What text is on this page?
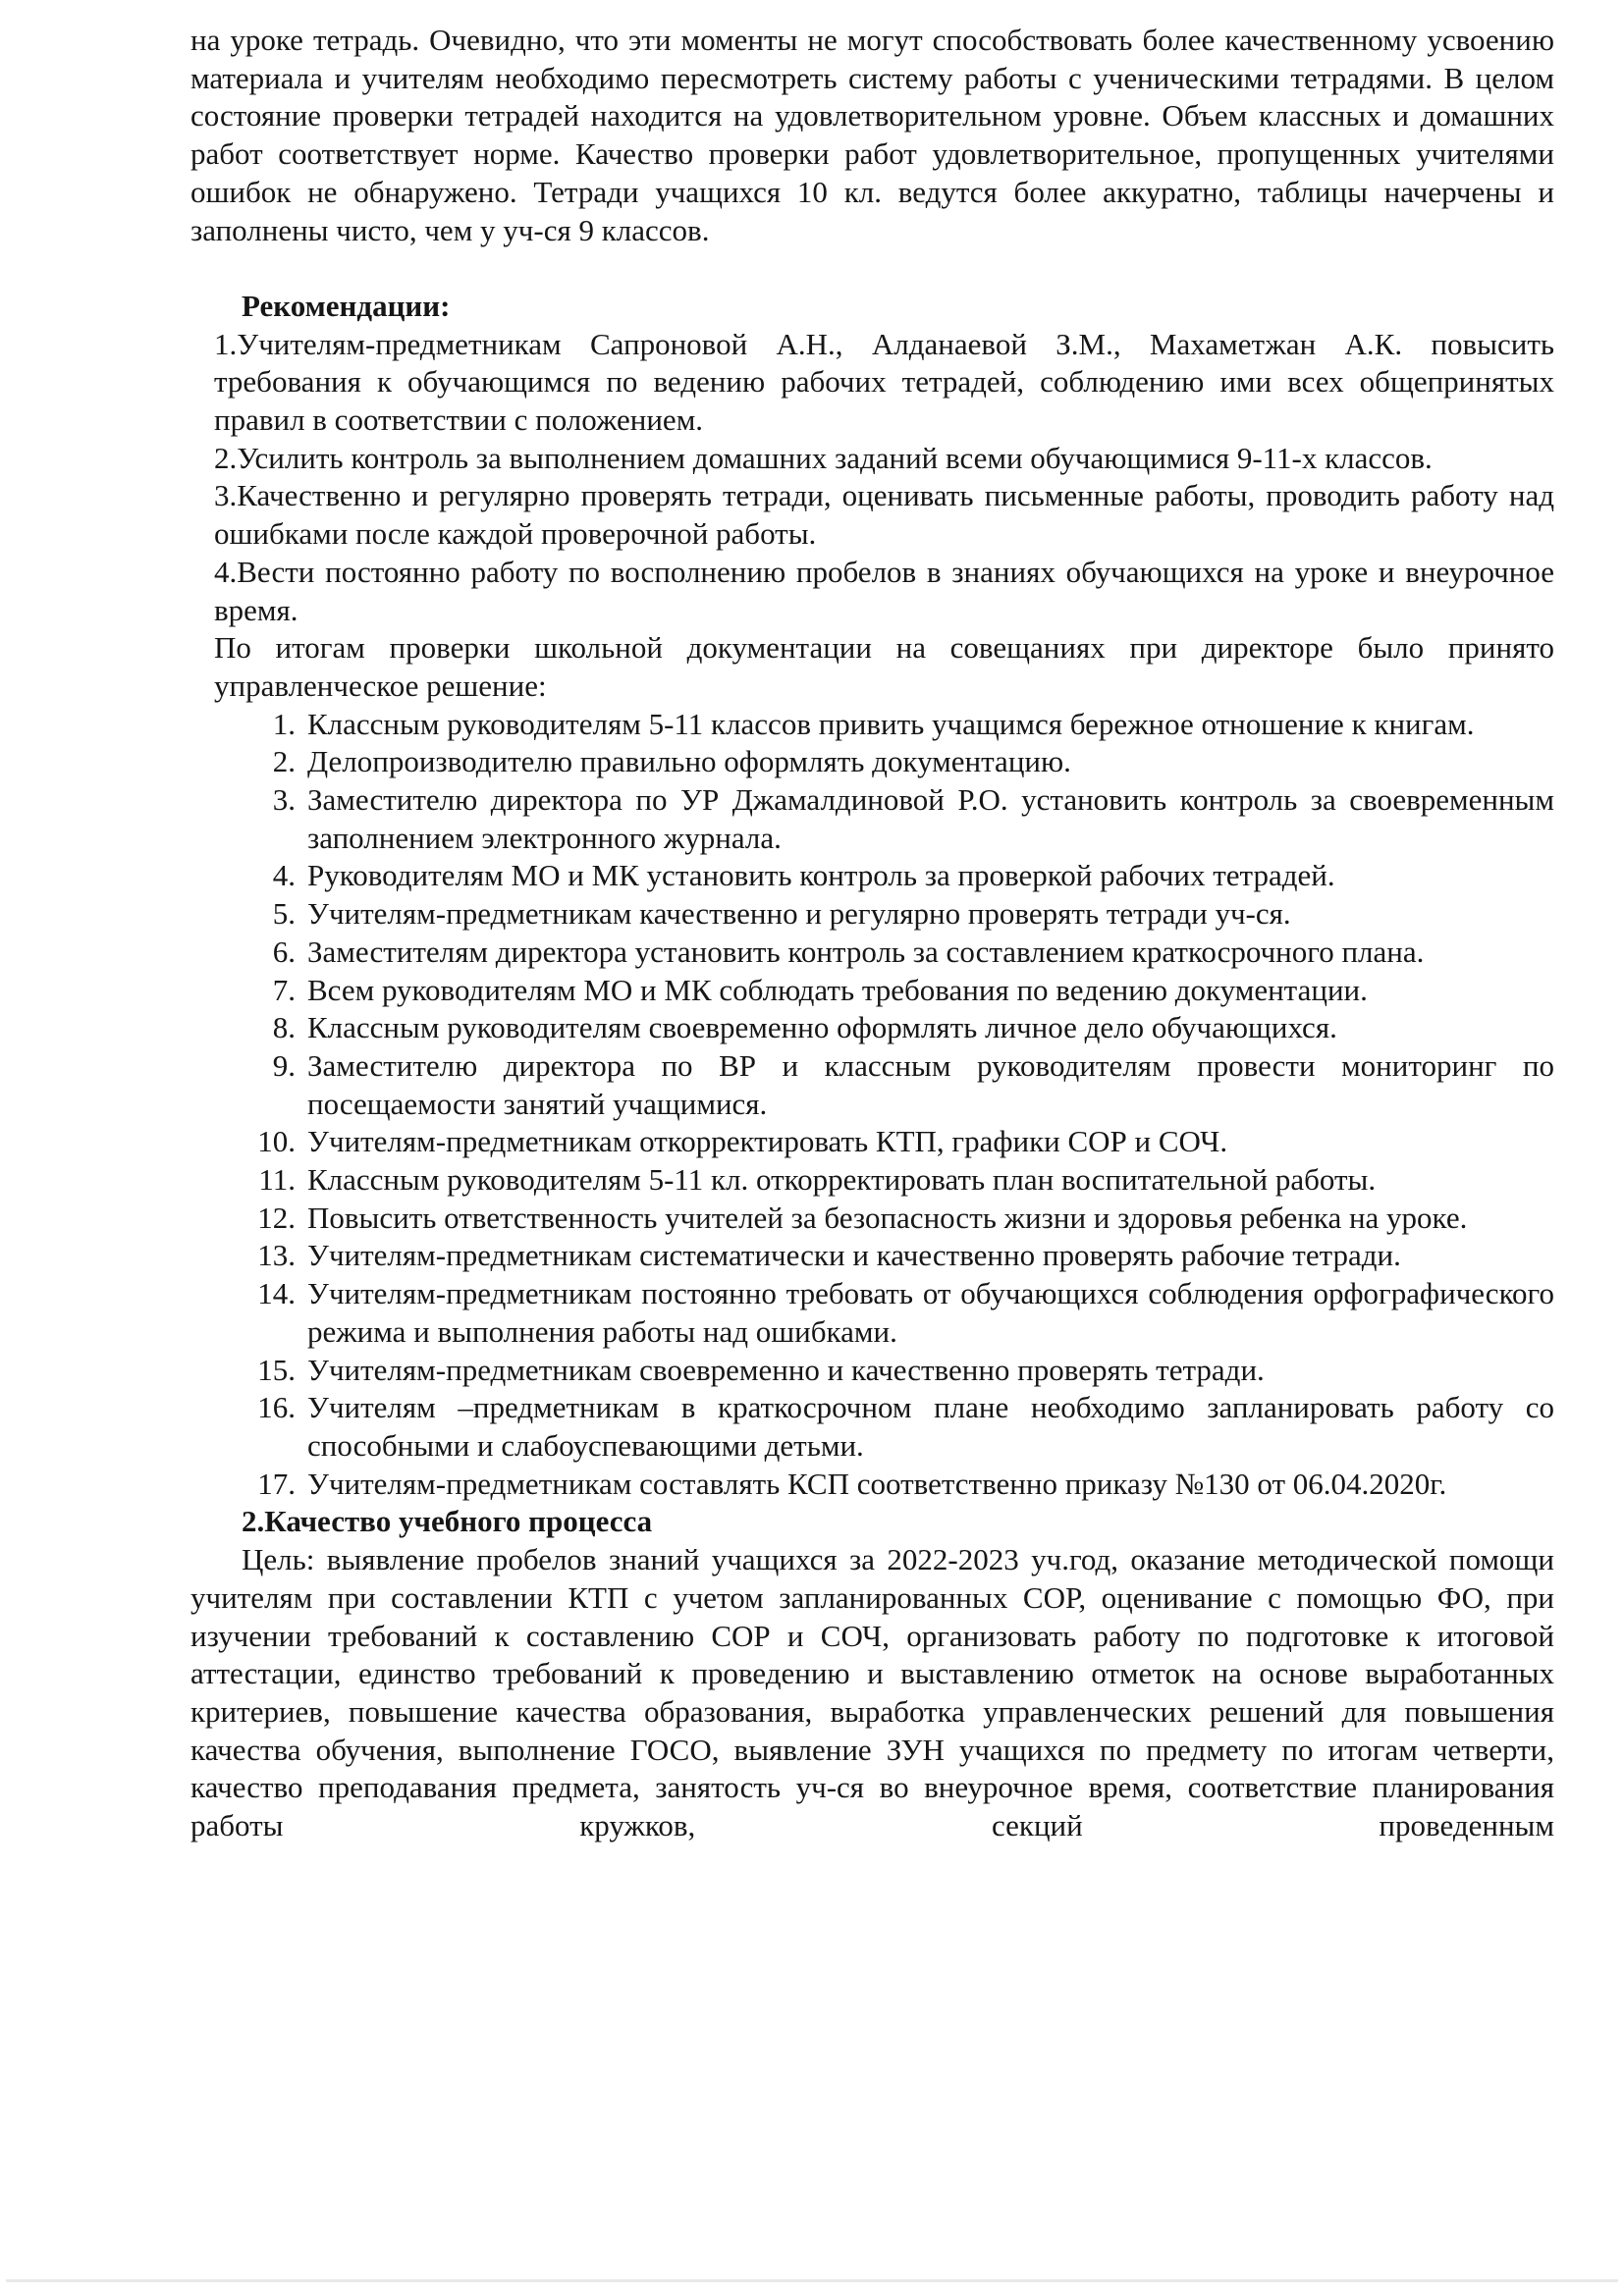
на уроке тетрадь. Очевидно, что эти моменты не могут способствовать более качественному усвоению материала и учителям необходимо пересмотреть систему работы с ученическими тетрадями. В целом состояние проверки тетрадей находится на удовлетворительном уровне. Объем классных и домашних работ соответствует норме. Качество проверки работ удовлетворительное, пропущенных учителями ошибок не обнаружено. Тетради учащихся 10 кл. ведутся более аккуратно, таблицы начерчены и заполнены чисто, чем у уч-ся 9 классов.

Рекомендации:

1.Учителям-предметникам Сапроновой А.Н., Алданаевой З.М., Махаметжан А.К. повысить требования к обучающимся по ведению рабочих тетрадей, соблюдению ими всех общепринятых правил в соответствии с положением.

2.Усилить контроль за выполнением домашних заданий всеми обучающимися 9-11-х классов.

3.Качественно и регулярно проверять тетради, оценивать письменные работы, проводить работу над ошибками после каждой проверочной работы.

4.Вести постоянно работу по восполнению пробелов в знаниях обучающихся на уроке и внеурочное время.

По итогам проверки школьной документации на совещаниях при директоре было принято управленческое решение:

1. Классным руководителям 5-11 классов привить учащимся бережное отношение к книгам.
2. Делопроизводителю правильно оформлять документацию.
3. Заместителю директора по УР Джамалдиновой Р.О. установить контроль за своевременным заполнением электронного журнала.
4. Руководителям МО и МК установить контроль за проверкой рабочих тетрадей.
5. Учителям-предметникам качественно и регулярно проверять тетради уч-ся.
6. Заместителям директора установить контроль за составлением краткосрочного плана.
7. Всем руководителям МО и МК соблюдать требования по ведению документации.
8. Классным руководителям своевременно оформлять личное дело обучающихся.
9. Заместителю директора по ВР и классным руководителям провести мониторинг по посещаемости занятий учащимися.
10. Учителям-предметникам откорректировать КТП, графики СОР и СОЧ.
11. Классным руководителям 5-11 кл. откорректировать план воспитательной работы.
12. Повысить ответственность учителей за безопасность жизни и здоровья ребенка на уроке.
13. Учителям-предметникам систематически и качественно проверять рабочие тетради.
14. Учителям-предметникам постоянно требовать от обучающихся соблюдения орфографического режима и выполнения работы над ошибками.
15. Учителям-предметникам своевременно и качественно проверять тетради.
16. Учителям –предметникам в краткосрочном плане необходимо запланировать работу со способными и слабоуспевающими детьми.
17. Учителям-предметникам составлять КСП соответственно приказу №130 от 06.04.2020г.

2.Качество учебного процесса

Цель: выявление пробелов знаний учащихся за 2022-2023 уч.год, оказание методической помощи учителям при составлении КТП с учетом запланированных СОР, оценивание с помощью ФО, при изучении требований к составлению СОР и СОЧ, организовать работу по подготовке к итоговой аттестации, единство требований к проведению и выставлению отметок на основе выработанных критериев, повышение качества образования, выработка управленческих решений для повышения качества обучения, выполнение ГОСО, выявление ЗУН учащихся по предмету по итогам четверти, качество преподавания предмета, занятость уч-ся во внеурочное время, соответствие планирования работы кружков, секций проведенным
